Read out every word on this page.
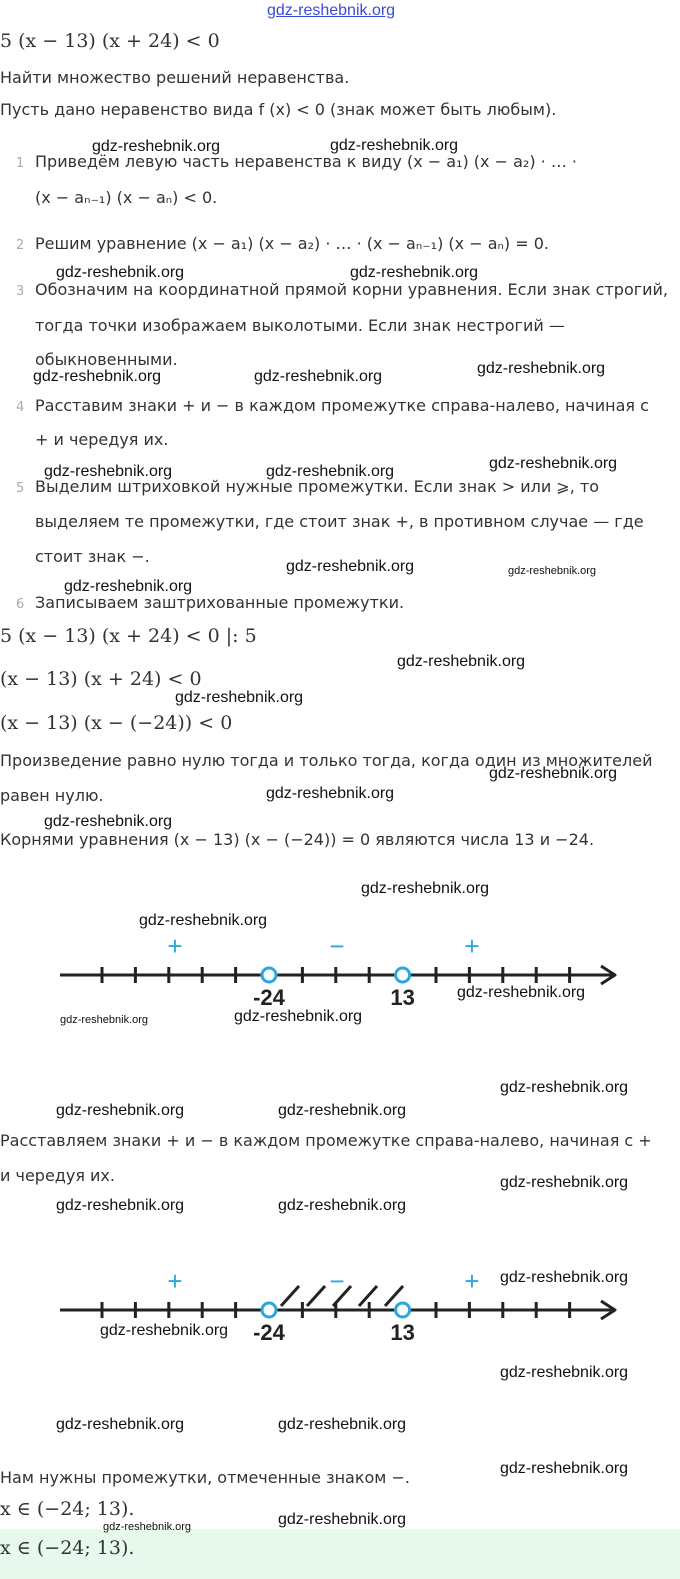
gdz-reshebnik.org
5 (x − 13) (x + 24) < 0
Найти множество решений неравенства.
Пусть дано неравенство вида f (x) < 0 (знак может быть любым).
1 Приведём левую часть неравенства к виду (x − a₁) (x − a₂) · … ·
(x − aₙ₋₁) (x − aₙ) < 0.
2 Решим уравнение (x − a₁) (x − a₂) · … · (x − aₙ₋₁) (x − aₙ) = 0.
3 Обозначим на координатной прямой корни уравнения. Если знак строгий,
тогда точки изображаем выколотыми. Если знак нестрогий —
обыкновенными.
4 Расставим знаки + и − в каждом промежутке справа-налево, начиная с
+ и чередуя их.
5 Выделим штриховкой нужные промежутки. Если знак > или ⩾, то
выделяем те промежутки, где стоит знак +, в противном случае — где
стоит знак −.
6 Записываем заштрихованные промежутки.
5 (x − 13) (x + 24) < 0 |: 5
(x − 13) (x + 24) < 0
(x − 13) (x − (−24)) < 0
Произведение равно нулю тогда и только тогда, когда один из множителей
равен нулю.
Корнями уравнения (x − 13) (x − (−24)) = 0 являются числа 13 и −24.
-24	13
+	−	+
Расставляем знаки + и − в каждом промежутке справа-налево, начиная с +
и чередуя их.
-24	13
+	−	+
Нам нужны промежутки, отмеченные знаком −.
x ∈ (−24; 13).
x ∈ (−24; 13).
gdz-reshebnik.org	gdz-reshebnik.org
gdz-reshebnik.org	gdz-reshebnik.org
gdz-reshebnik.org	gdz-reshebnik.org	gdz-reshebnik.org
gdz-reshebnik.org	gdz-reshebnik.org	gdz-reshebnik.org
gdz-reshebnik.org	gdz-reshebnik.org
gdz-reshebnik.org
gdz-reshebnik.org
gdz-reshebnik.org
gdz-reshebnik.org
gdz-reshebnik.org
gdz-reshebnik.org
gdz-reshebnik.org
gdz-reshebnik.org
gdz-reshebnik.org
gdz-reshebnik.org	gdz-reshebnik.org
gdz-reshebnik.org
gdz-reshebnik.org	gdz-reshebnik.org
gdz-reshebnik.org
gdz-reshebnik.org	gdz-reshebnik.org
gdz-reshebnik.org
gdz-reshebnik.org
gdz-reshebnik.org
gdz-reshebnik.org	gdz-reshebnik.org
gdz-reshebnik.org
gdz-reshebnik.org	gdz-reshebnik.org
